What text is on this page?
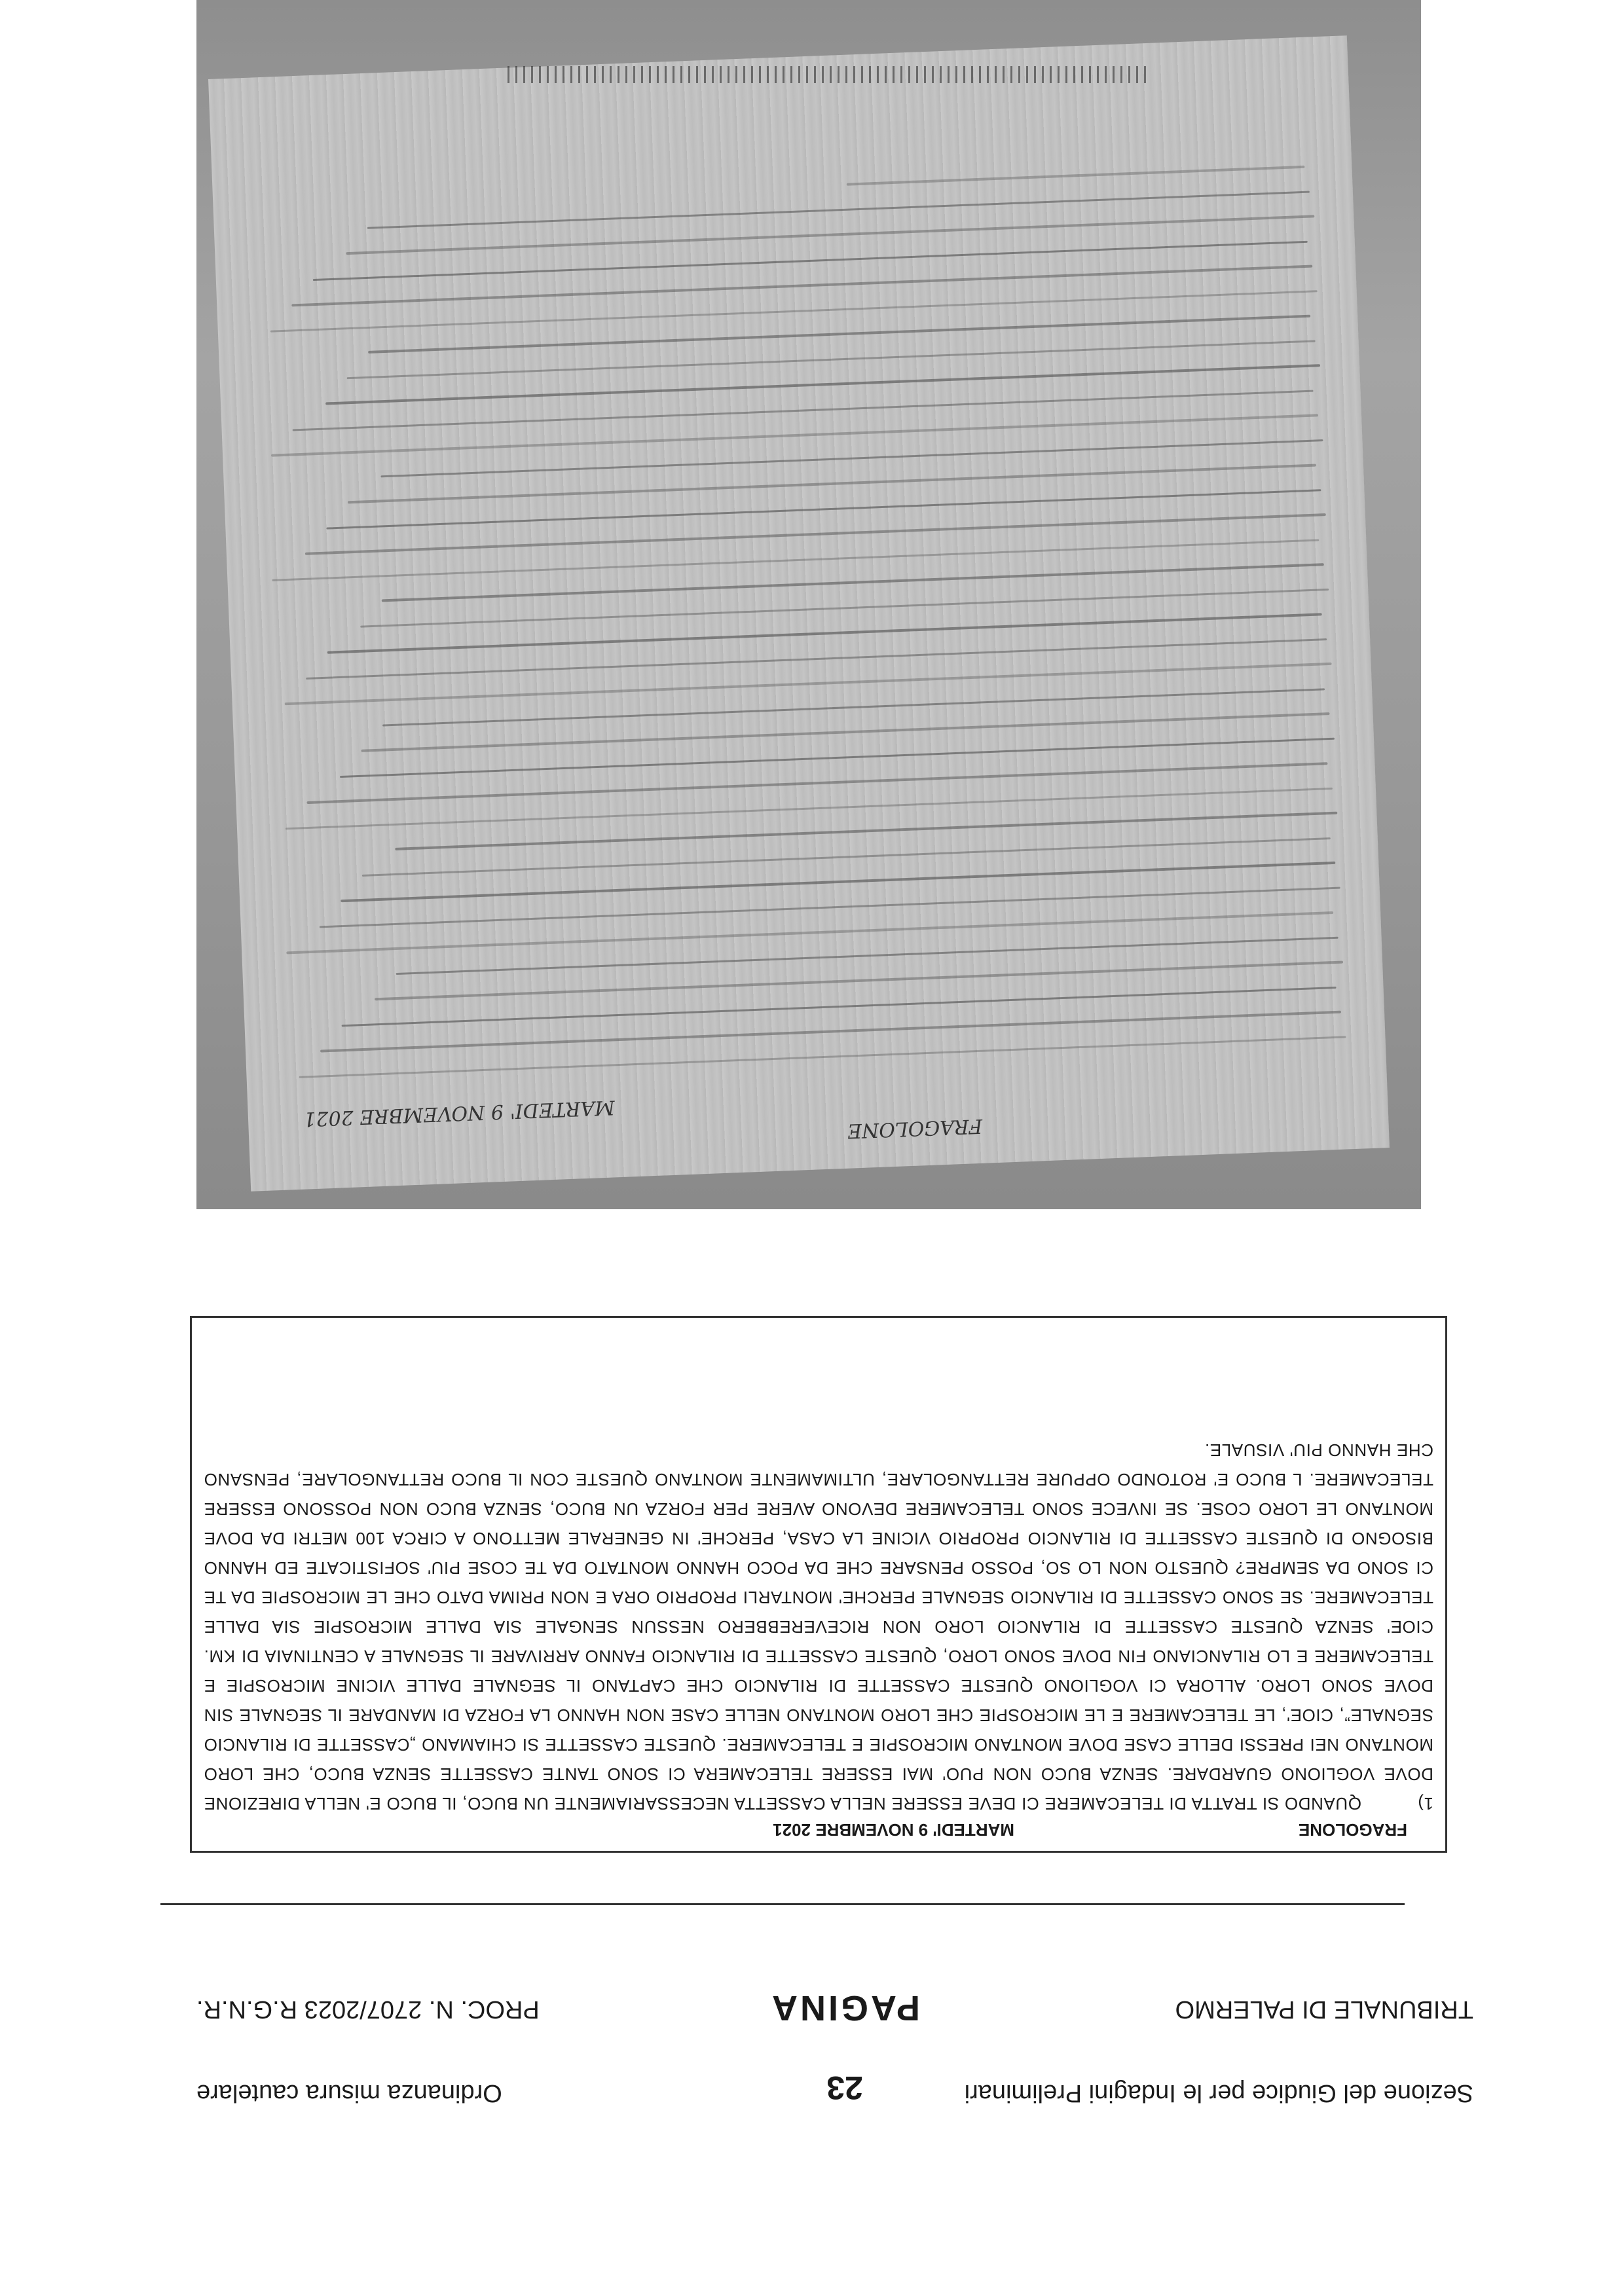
TRIBUNALE DI PALERMO
PAGINA
PROC. N. 2707/2023 R.G.N.R.
Sezione del Giudice per le Indagini Preliminari
23
Ordinanza misura cautelare
FRAGOLONE
MARTEDI' 9 NOVEMBRE 2021
1)QUANDO SI TRATTA DI TELECAMERE CI DEVE ESSERE NELLA CASSETTA NECESSARIAMENTE UN BUCO, IL BUCO E' NELLA DIREZIONE DOVE VOGLIONO GUARDARE. SENZA BUCO NON PUO' MAI ESSERE TELECAMERA CI SONO TANTE CASSETTE SENZA BUCO, CHE LORO MONTANO NEI PRESSI DELLE CASE DOVE MONTANO MICROSPIE E TELECAMERE. QUESTE CASSETTE SI CHIAMANO „CASSETTE DI RILANCIO SEGNALE”, CIOE', LE TELECAMERE E LE MICROSPIE CHE LORO MONTANO NELLE CASE NON HANNO LA FORZA DI MANDARE IL SEGNALE SIN DOVE SONO LORO. ALLORA CI VOGLIONO QUESTE CASSETTE DI RILANCIO CHE CAPTANO IL SEGNALE DALLE VICINE MICROSPIE E TELECAMERE E LO RILANCIANO FIN DOVE SONO LORO, QUESTE CASSETTE DI RILANCIO FANNO ARRIVARE IL SEGNALE A CENTINAIA DI KM. CIOE' SENZA QUESTE CASSETTE DI RILANCIO LORO NON RICEVEREBBERO NESSUN SENGALE SIA DALLE MICROSPIE SIA DALLE TELECAMERE. SE SONO CASSETTE DI RILANCIO SEGNALE PERCHE' MONTARLI PROPRIO ORA E NON PRIMA DATO CHE LE MICROSPIE DA TE CI SONO DA SEMPRE? QUESTO NON LO SO, POSSO PENSARE CHE DA POCO HANNO MONTATO DA TE COSE PIU' SOFISTICATE ED HANNO BISOGNO DI QUESTE CASSETTE DI RILANCIO PROPRIO VICINE LA CASA, PERCHE' IN GENERALE METTONO A CIRCA 100 METRI DA DOVE MONTANO LE LORO COSE. SE INVECE SONO TELECAMERE DEVONO AVERE PER FORZA UN BUCO, SENZA BUCO NON POSSONO ESSERE TELECAMERE. L BUCO E' ROTONDO OPPURE RETTANGOLARE, ULTIMAMENTE MONTANO QUESTE CON IL BUCO RETTANGOLARE, PENSANO CHE HANNO PIU' VISUALE.
FRAGOLONE
MARTEDI' 9 NOVEMBRE 2021
